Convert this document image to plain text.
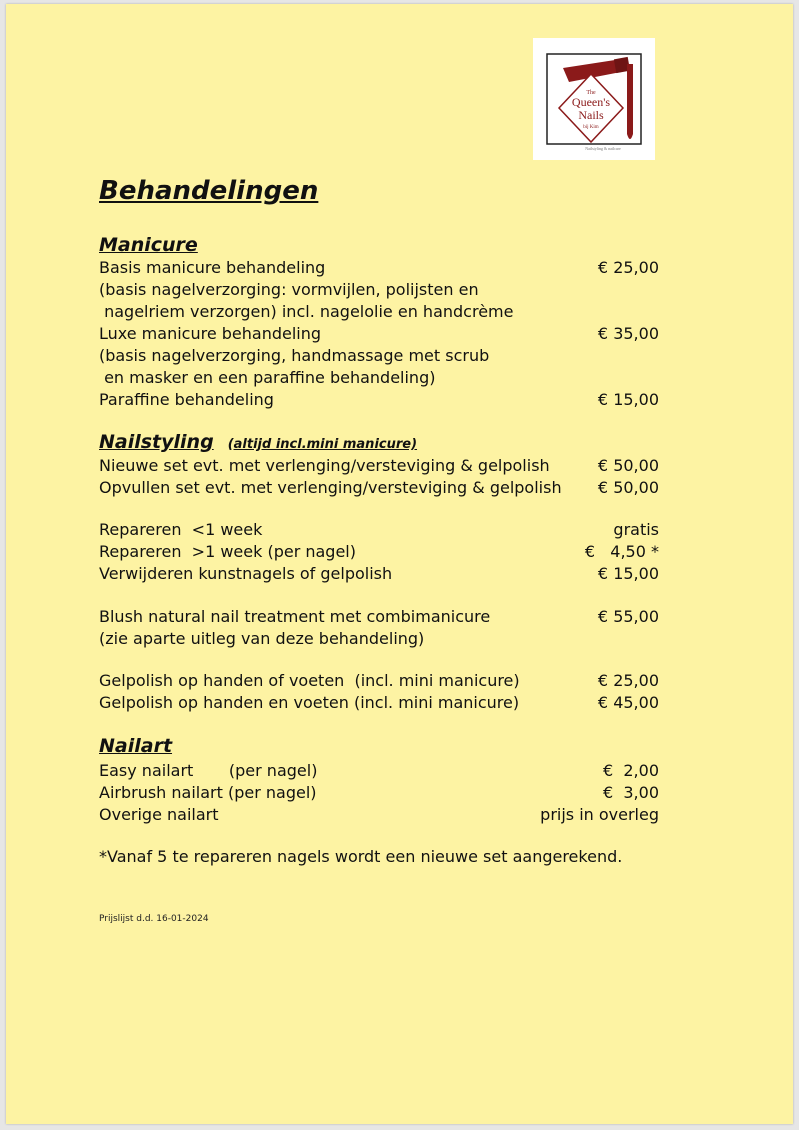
The
Queen's
Nails
bij Kim
Nailstyling & nailcare
Behandelingen
Manicure

Basis manicure behandeling

	€ 25,00

(basis nagelverzorging: vormvijlen, polijsten en

nagelriem verzorgen) incl. nagelolie en handcrème

Luxe manicure behandeling

	€ 35,00

(basis nagelverzorging, handmassage met scrub

en masker en een paraffine behandeling)

Paraffine behandeling

	€ 15,00

Nailstyling (altijd incl.mini manicure)

Nieuwe set evt. met verlenging/versteviging & gelpolish

	€ 50,00

Opvullen set evt. met verlenging/versteviging & gelpolish

€ 50,00

Repareren  <1 week

	gratis

Repareren  >1 week (per nagel)

	€   4,50 *

Verwijderen kunstnagels of gelpolish

	€ 15,00

Blush natural nail treatment met combimanicure

	€ 55,00

(zie aparte uitleg van deze behandeling)

Gelpolish op handen of voeten  (incl. mini manicure)

	€ 25,00

Gelpolish op handen en voeten (incl. mini manicure)

	€ 45,00

Nailart

Easy nailart       (per nagel)

	€  2,00

Airbrush nailart (per nagel)

	€  3,00

Overige nailart

	prijs in overleg

*Vanaf 5 te repareren nagels wordt een nieuwe set aangerekend.
Prijslijst d.d. 16-01-2024
